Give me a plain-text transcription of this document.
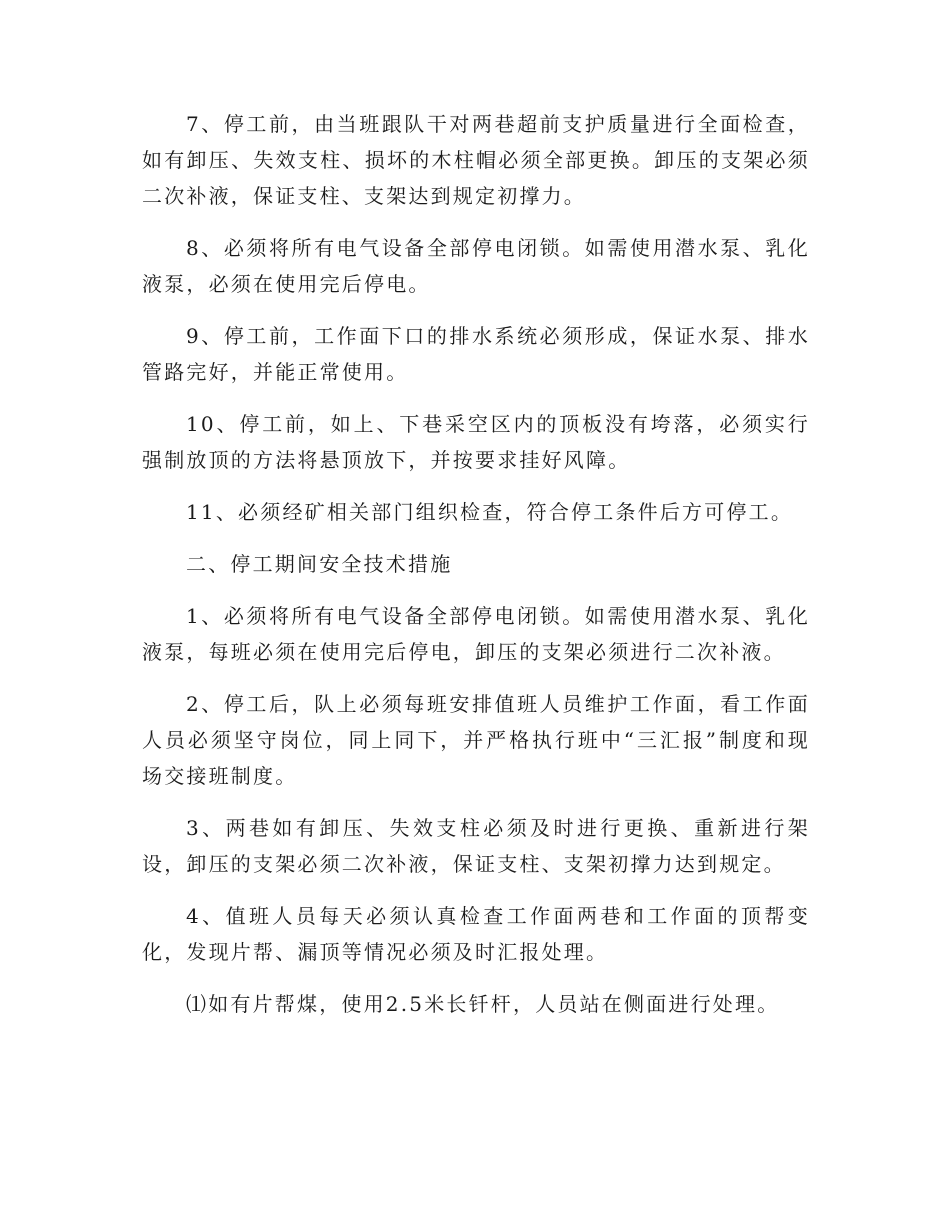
7、停工前，由当班跟队干对两巷超前支护质量进行全面检查，如有卸压、失效支柱、损坏的木柱帽必须全部更换。卸压的支架必须二次补液，保证支柱、支架达到规定初撑力。

8、必须将所有电气设备全部停电闭锁。如需使用潜水泵、乳化液泵，必须在使用完后停电。

9、停工前，工作面下口的排水系统必须形成，保证水泵、排水管路完好，并能正常使用。

10、停工前，如上、下巷采空区内的顶板没有垮落，必须实行强制放顶的方法将悬顶放下，并按要求挂好风障。

11、必须经矿相关部门组织检查，符合停工条件后方可停工。

二、停工期间安全技术措施

1、必须将所有电气设备全部停电闭锁。如需使用潜水泵、乳化液泵，每班必须在使用完后停电，卸压的支架必须进行二次补液。

2、停工后，队上必须每班安排值班人员维护工作面，看工作面人员必须坚守岗位，同上同下，并严格执行班中“三汇报”制度和现场交接班制度。

3、两巷如有卸压、失效支柱必须及时进行更换、重新进行架设，卸压的支架必须二次补液，保证支柱、支架初撑力达到规定。

4、值班人员每天必须认真检查工作面两巷和工作面的顶帮变化，发现片帮、漏顶等情况必须及时汇报处理。

⑴如有片帮煤，使用2.5米长钎杆，人员站在侧面进行处理。
